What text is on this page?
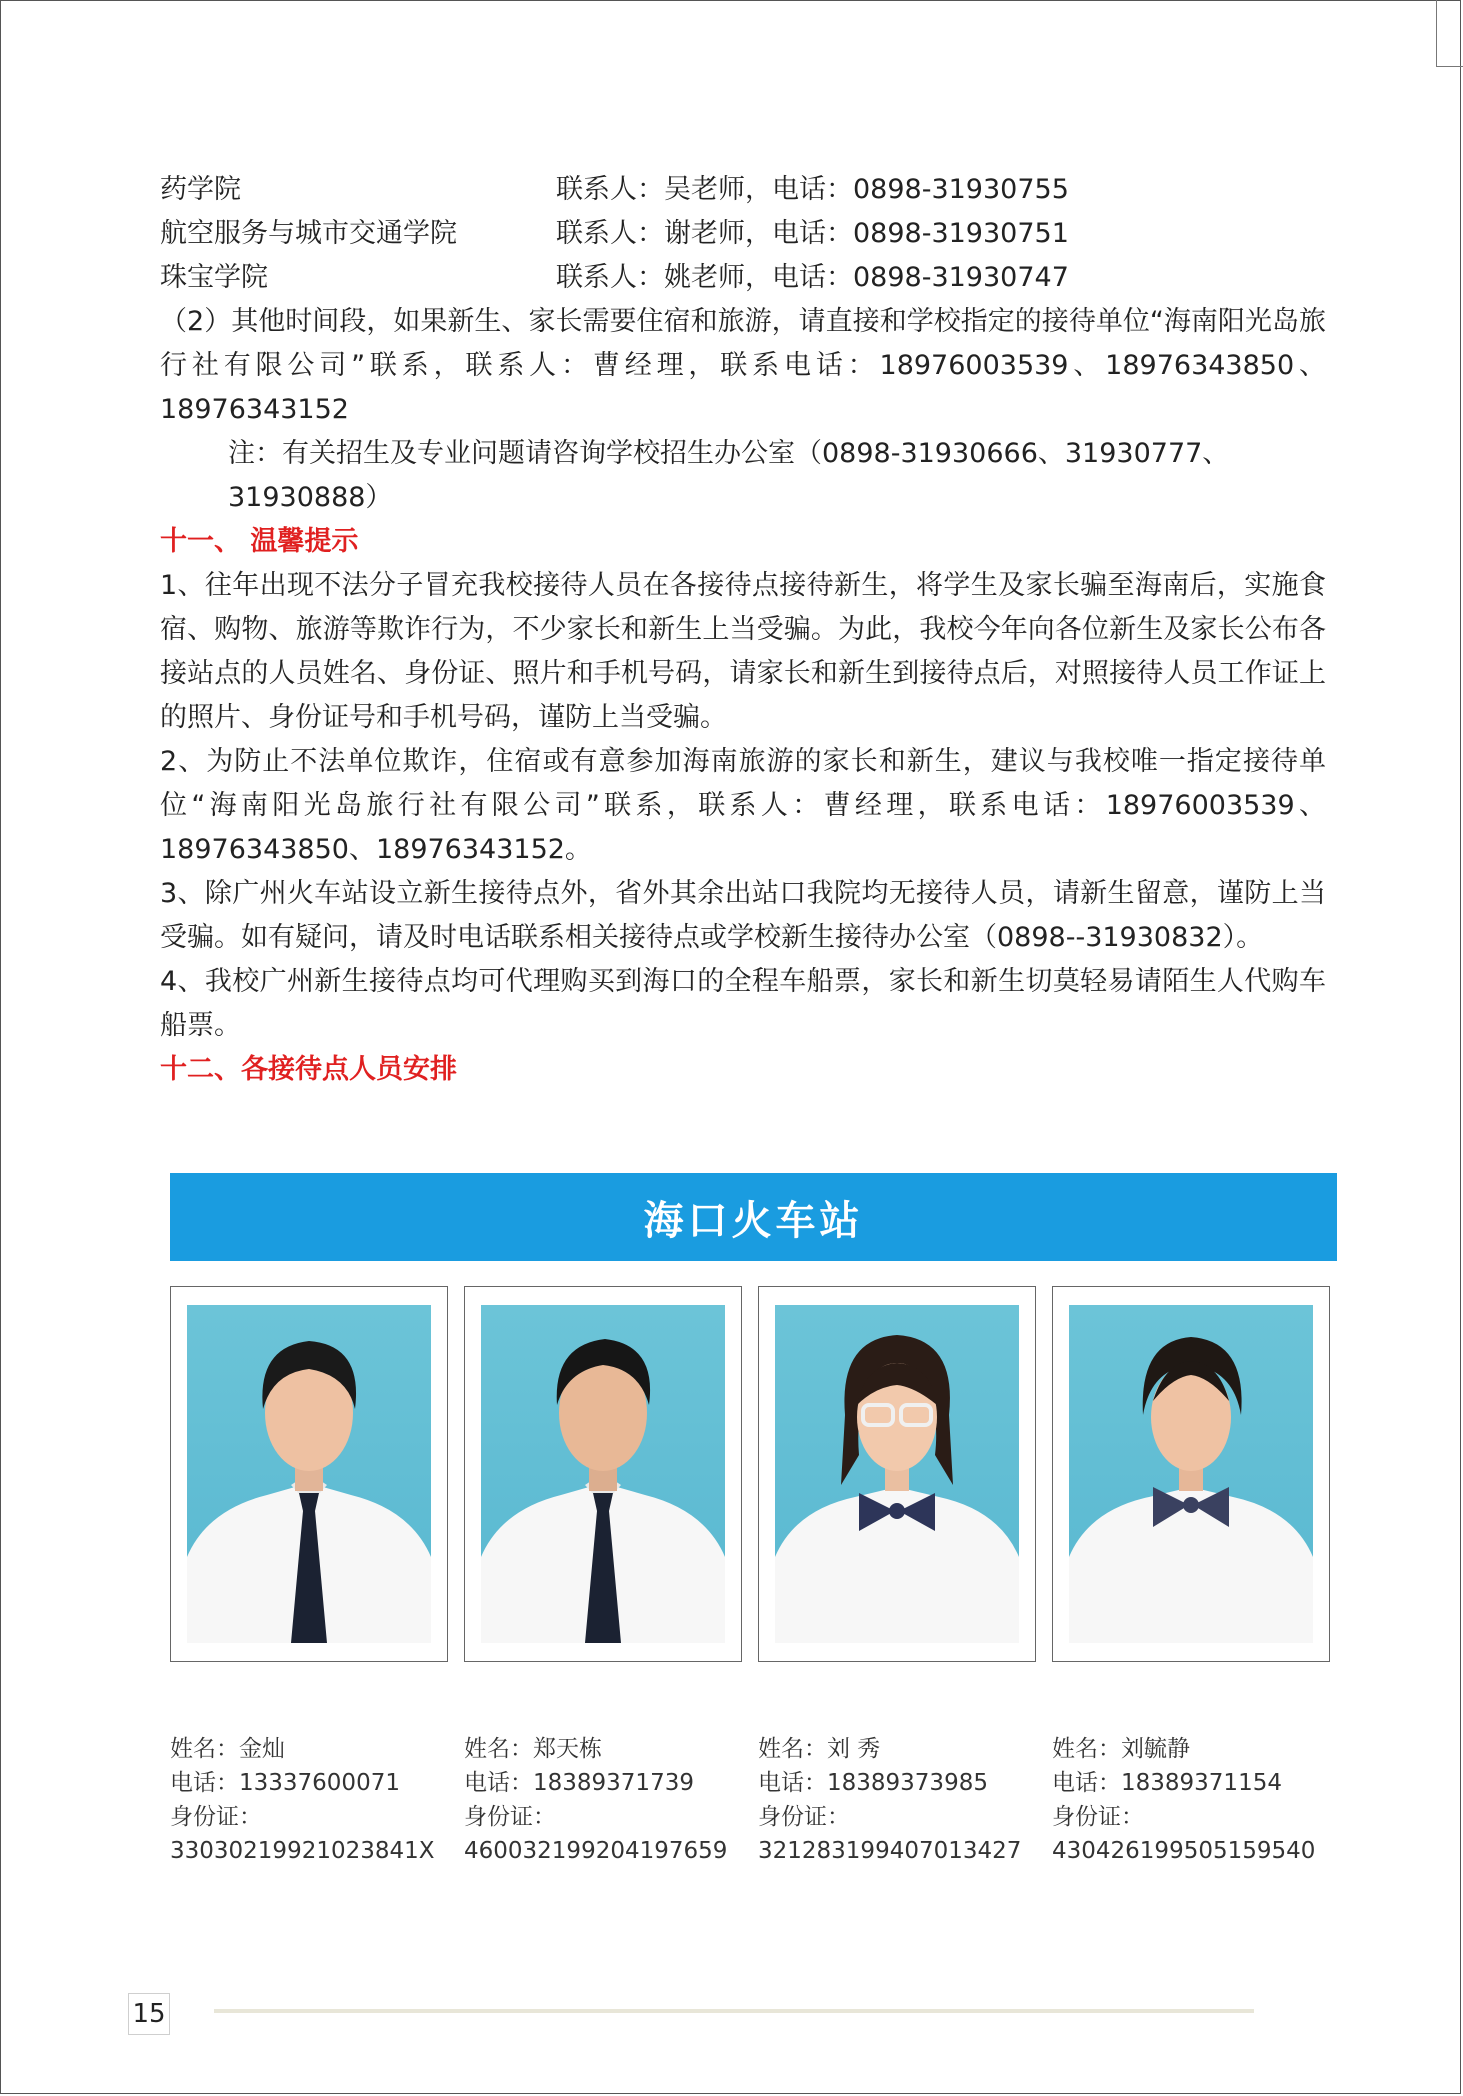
药学院	联系人：吴老师，电话：0898-31930755
航空服务与城市交通学院	联系人：谢老师，电话：0898-31930751
珠宝学院	联系人：姚老师，电话：0898-31930747

（2）其他时间段，如果新生、家长需要住宿和旅游，请直接和学校指定的接待单位“海南阳光岛旅行社有限公司”联系，联系人：曹经理，联系电话：18976003539、18976343850、18976343152

注：有关招生及专业问题请咨询学校招生办公室（0898-31930666、31930777、31930888）

十一、 温馨提示

1、往年出现不法分子冒充我校接待人员在各接待点接待新生，将学生及家长骗至海南后，实施食宿、购物、旅游等欺诈行为，不少家长和新生上当受骗。为此，我校今年向各位新生及家长公布各接站点的人员姓名、身份证、照片和手机号码，请家长和新生到接待点后，对照接待人员工作证上的照片、身份证号和手机号码，谨防上当受骗。

2、为防止不法单位欺诈，住宿或有意参加海南旅游的家长和新生，建议与我校唯一指定接待单位“海南阳光岛旅行社有限公司”联系，联系人：曹经理，联系电话：18976003539、18976343850、18976343152。

3、除广州火车站设立新生接待点外，省外其余出站口我院均无接待人员，请新生留意，谨防上当受骗。如有疑问，请及时电话联系相关接待点或学校新生接待办公室（0898--31930832）。

4、我校广州新生接待点均可代理购买到海口的全程车船票，家长和新生切莫轻易请陌生人代购车船票。

十二、各接待点人员安排

海口火车站

姓名：金灿

电话：13337600071

身份证：

33030219921023841X

姓名：郑天栋

电话：18389371739

身份证：

460032199204197659

姓名：刘 秀

电话：18389373985

身份证：

321283199407013427

姓名：刘毓静

电话：18389371154

身份证：

430426199505159540

15
